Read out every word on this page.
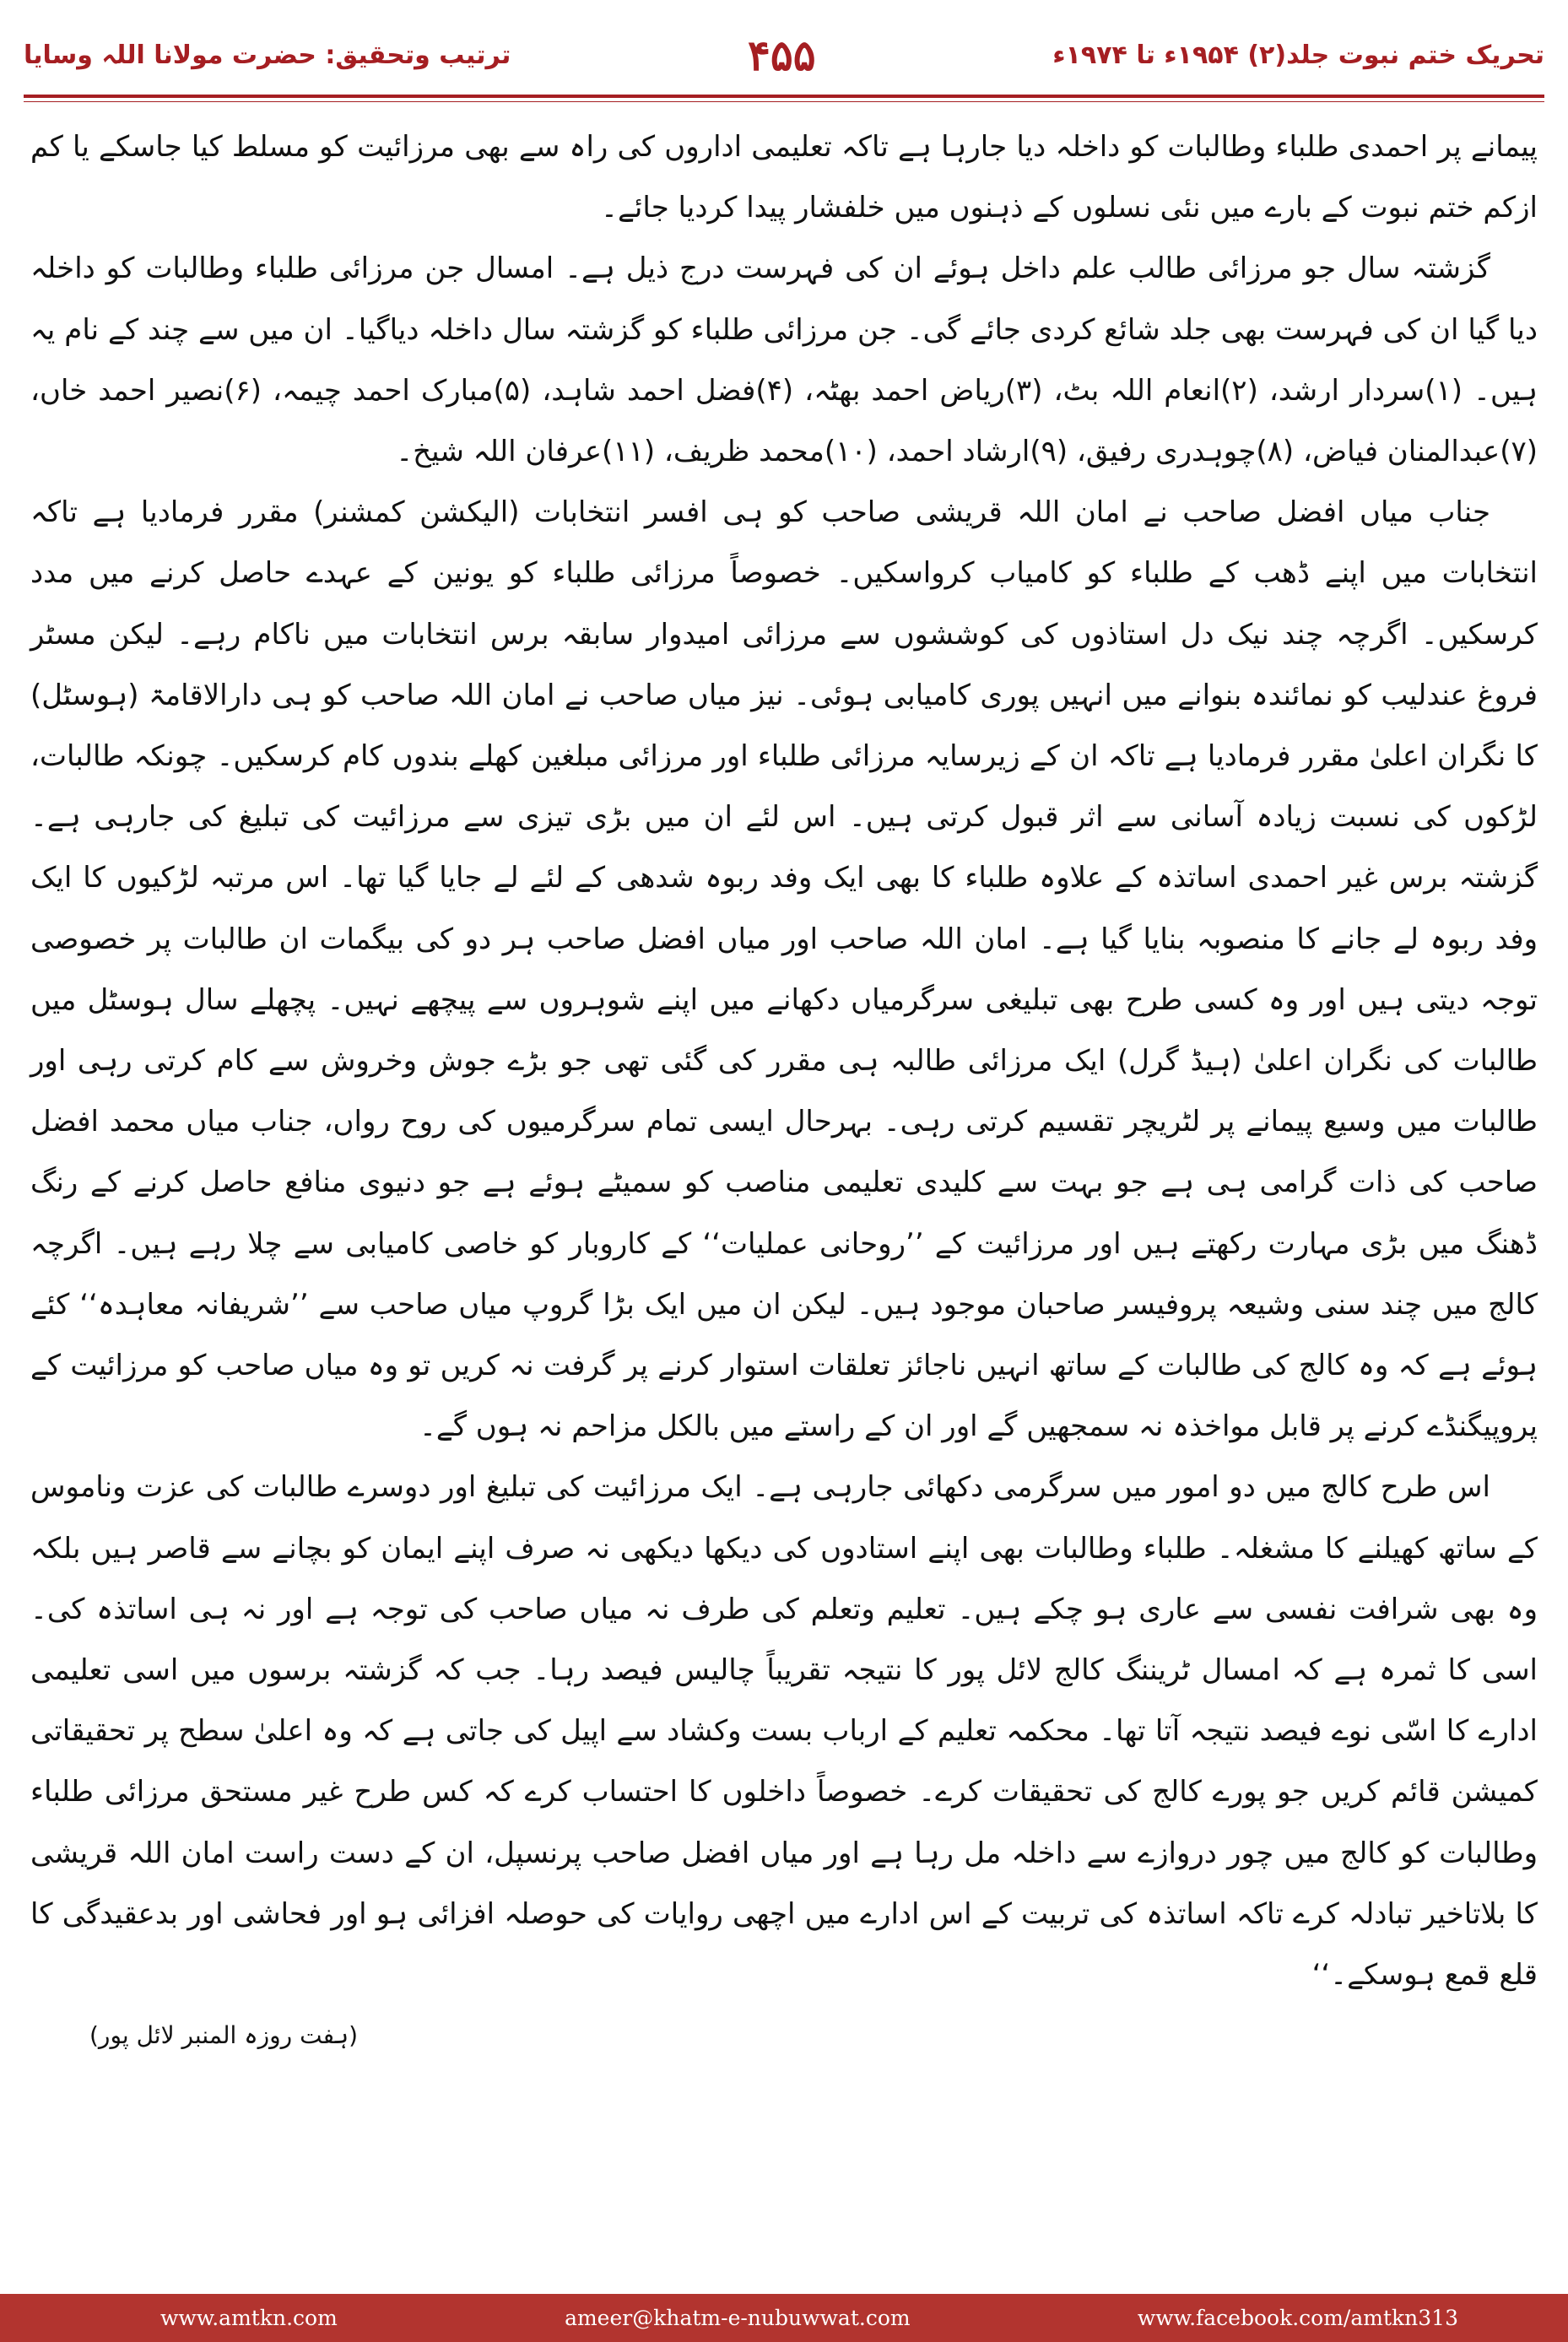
تحریک ختم نبوت جلد(۲) ۱۹۵۴ء تا ۱۹۷۴ء
۴۵۵
ترتیب وتحقیق: حضرت مولانا اللہ وسایا

پیمانے پر احمدی طلباء وطالبات کو داخلہ دیا جارہا ہے تاکہ تعلیمی اداروں کی راہ سے بھی مرزائیت کو مسلط کیا جاسکے یا کم ازکم ختم نبوت کے بارے میں نئی نسلوں کے ذہنوں میں خلفشار پیدا کردیا جائے۔

گزشتہ سال جو مرزائی طالب علم داخل ہوئے ان کی فہرست درج ذیل ہے۔ امسال جن مرزائی طلباء وطالبات کو داخلہ دیا گیا ان کی فہرست بھی جلد شائع کردی جائے گی۔ جن مرزائی طلباء کو گزشتہ سال داخلہ دیاگیا۔ ان میں سے چند کے نام یہ ہیں۔ (۱)سردار ارشد، (۲)انعام اللہ بٹ، (۳)ریاض احمد بھٹہ، (۴)فضل احمد شاہد، (۵)مبارک احمد چیمہ، (۶)نصیر احمد خاں، (۷)عبدالمنان فیاض، (۸)چوہدری رفیق، (۹)ارشاد احمد، (۱۰)محمد ظریف، (۱۱)عرفان اللہ شیخ۔

جناب میاں افضل صاحب نے امان اللہ قریشی صاحب کو ہی افسر انتخابات (الیکشن کمشنر) مقرر فرمادیا ہے تاکہ انتخابات میں اپنے ڈھب کے طلباء کو کامیاب کرواسکیں۔ خصوصاً مرزائی طلباء کو یونین کے عہدے حاصل کرنے میں مدد کرسکیں۔ اگرچہ چند نیک دل استاذوں کی کوششوں سے مرزائی امیدوار سابقہ برس انتخابات میں ناکام رہے۔ لیکن مسٹر فروغ عندلیب کو نمائندہ بنوانے میں انہیں پوری کامیابی ہوئی۔ نیز میاں صاحب نے امان اللہ صاحب کو ہی دارالاقامۃ (ہوسٹل) کا نگران اعلیٰ مقرر فرمادیا ہے تاکہ ان کے زیرسایہ مرزائی طلباء اور مرزائی مبلغین کھلے بندوں کام کرسکیں۔ چونکہ طالبات، لڑکوں کی نسبت زیادہ آسانی سے اثر قبول کرتی ہیں۔ اس لئے ان میں بڑی تیزی سے مرزائیت کی تبلیغ کی جارہی ہے۔ گزشتہ برس غیر احمدی اساتذہ کے علاوہ طلباء کا بھی ایک وفد ربوہ شدھی کے لئے لے جایا گیا تھا۔ اس مرتبہ لڑکیوں کا ایک وفد ربوہ لے جانے کا منصوبہ بنایا گیا ہے۔ امان اللہ صاحب اور میاں افضل صاحب ہر دو کی بیگمات ان طالبات پر خصوصی توجہ دیتی ہیں اور وہ کسی طرح بھی تبلیغی سرگرمیاں دکھانے میں اپنے شوہروں سے پیچھے نہیں۔ پچھلے سال ہوسٹل میں طالبات کی نگران اعلیٰ (ہیڈ گرل) ایک مرزائی طالبہ ہی مقرر کی گئی تھی جو بڑے جوش وخروش سے کام کرتی رہی اور طالبات میں وسیع پیمانے پر لٹریچر تقسیم کرتی رہی۔ بہرحال ایسی تمام سرگرمیوں کی روح رواں، جناب میاں محمد افضل صاحب کی ذات گرامی ہی ہے جو بہت سے کلیدی تعلیمی مناصب کو سمیٹے ہوئے ہے جو دنیوی منافع حاصل کرنے کے رنگ ڈھنگ میں بڑی مہارت رکھتے ہیں اور مرزائیت کے ’’روحانی عملیات‘‘ کے کاروبار کو خاصی کامیابی سے چلا رہے ہیں۔ اگرچہ کالج میں چند سنی وشیعہ پروفیسر صاحبان موجود ہیں۔ لیکن ان میں ایک بڑا گروپ میاں صاحب سے ’’شریفانہ معاہدہ‘‘ کئے ہوئے ہے کہ وہ کالج کی طالبات کے ساتھ انہیں ناجائز تعلقات استوار کرنے پر گرفت نہ کریں تو وہ میاں صاحب کو مرزائیت کے پروپیگنڈے کرنے پر قابل مواخذہ نہ سمجھیں گے اور ان کے راستے میں بالکل مزاحم نہ ہوں گے۔

اس طرح کالج میں دو امور میں سرگرمی دکھائی جارہی ہے۔ ایک مرزائیت کی تبلیغ اور دوسرے طالبات کی عزت وناموس کے ساتھ کھیلنے کا مشغلہ۔ طلباء وطالبات بھی اپنے استادوں کی دیکھا دیکھی نہ صرف اپنے ایمان کو بچانے سے قاصر ہیں بلکہ وہ بھی شرافت نفسی سے عاری ہو چکے ہیں۔ تعلیم وتعلم کی طرف نہ میاں صاحب کی توجہ ہے اور نہ ہی اساتذہ کی۔ اسی کا ثمرہ ہے کہ امسال ٹریننگ کالج لائل پور کا نتیجہ تقریباً چالیس فیصد رہا۔ جب کہ گزشتہ برسوں میں اسی تعلیمی ادارے کا اسّی نوے فیصد نتیجہ آتا تھا۔ محکمہ تعلیم کے ارباب بست وکشاد سے اپیل کی جاتی ہے کہ وہ اعلیٰ سطح پر تحقیقاتی کمیشن قائم کریں جو پورے کالج کی تحقیقات کرے۔ خصوصاً داخلوں کا احتساب کرے کہ کس طرح غیر مستحق مرزائی طلباء وطالبات کو کالج میں چور دروازے سے داخلہ مل رہا ہے اور میاں افضل صاحب پرنسپل، ان کے دست راست امان اللہ قریشی کا بلاتاخیر تبادلہ کرے تاکہ اساتذہ کی تربیت کے اس ادارے میں اچھی روایات کی حوصلہ افزائی ہو اور فحاشی اور بدعقیدگی کا قلع قمع ہوسکے۔‘‘

(ہفت روزہ المنبر لائل پور)

www.amtkn.com	ameer@khatm-e-nubuwwat.com	www.facebook.com/amtkn313
